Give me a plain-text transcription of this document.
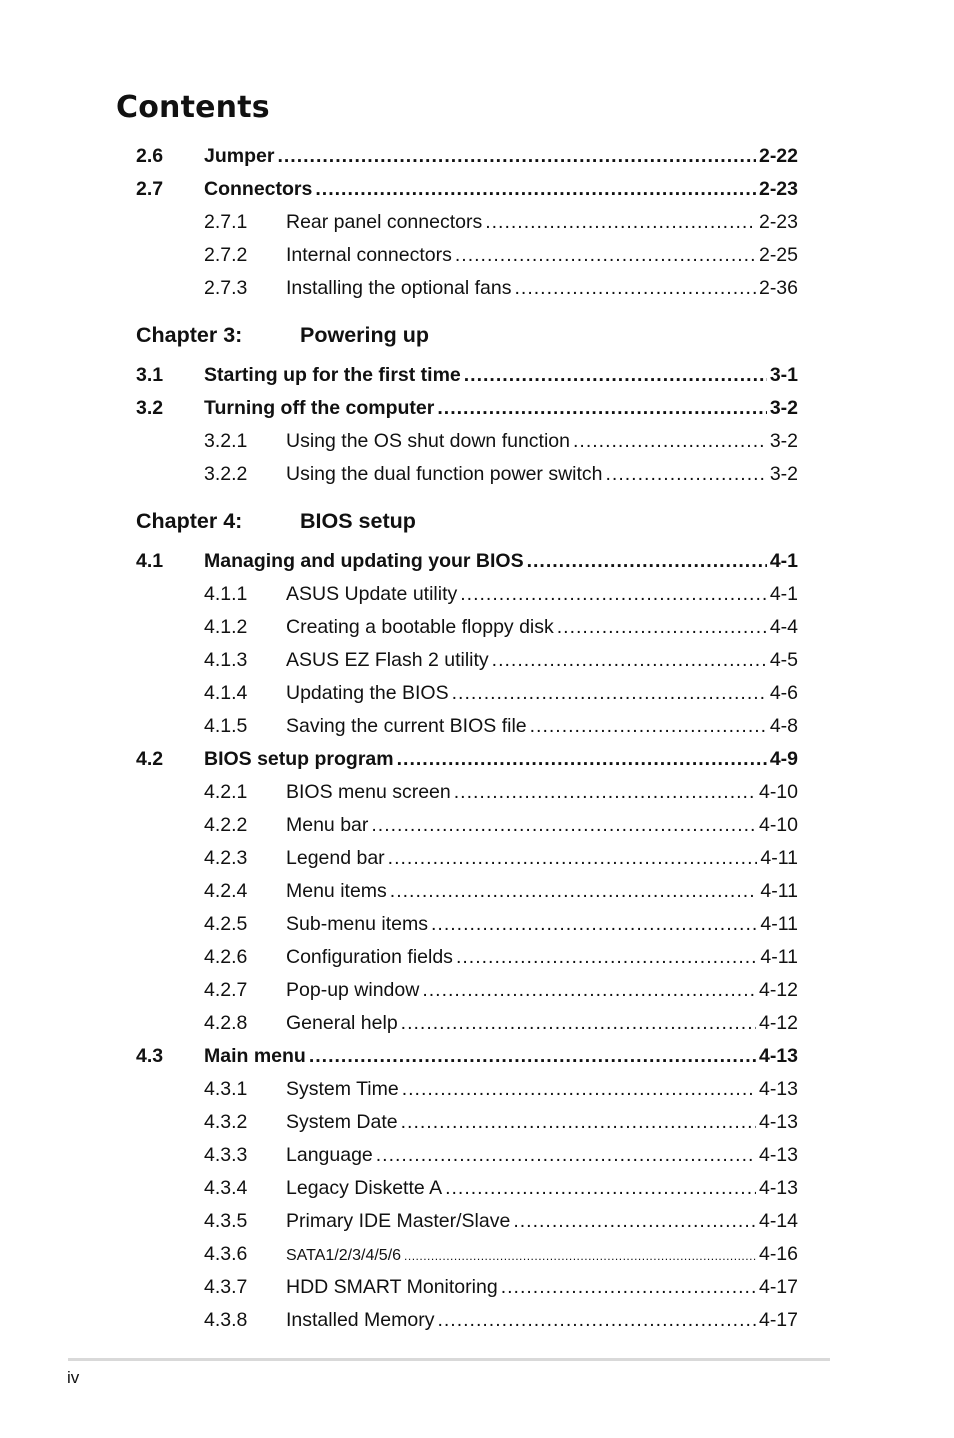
Contents
2.6	Jumper .....	2-22
2.7	Connectors .....	2-23
2.7.1	Rear panel connectors .....	2-23
2.7.2	Internal connectors .....	2-25
2.7.3	Installing the optional fans .....	2-36
Chapter 3:	Powering up
3.1	Starting up for the first time .....	3-1
3.2	Turning off the computer .....	3-2
3.2.1	Using the OS shut down function .....	3-2
3.2.2	Using the dual function power switch .....	3-2
Chapter 4:	BIOS setup
4.1	Managing and updating your BIOS .....	4-1
4.1.1	ASUS Update utility .....	4-1
4.1.2	Creating a bootable floppy disk .....	4-4
4.1.3	ASUS EZ Flash 2 utility .....	4-5
4.1.4	Updating the BIOS .....	4-6
4.1.5	Saving the current BIOS file .....	4-8
4.2	BIOS setup program .....	4-9
4.2.1	BIOS menu screen .....	4-10
4.2.2	Menu bar .....	4-10
4.2.3	Legend bar .....	4-11
4.2.4	Menu items .....	4-11
4.2.5	Sub-menu items .....	4-11
4.2.6	Configuration fields .....	4-11
4.2.7	Pop-up window .....	4-12
4.2.8	General help .....	4-12
4.3	Main menu .....	4-13
4.3.1	System Time .....	4-13
4.3.2	System Date .....	4-13
4.3.3	Language .....	4-13
4.3.4	Legacy Diskette A .....	4-13
4.3.5	Primary IDE Master/Slave .....	4-14
4.3.6	SATA1/2/3/4/5/6 .....	4-16
4.3.7	HDD SMART Monitoring .....	4-17
4.3.8	Installed Memory .....	4-17
iv
